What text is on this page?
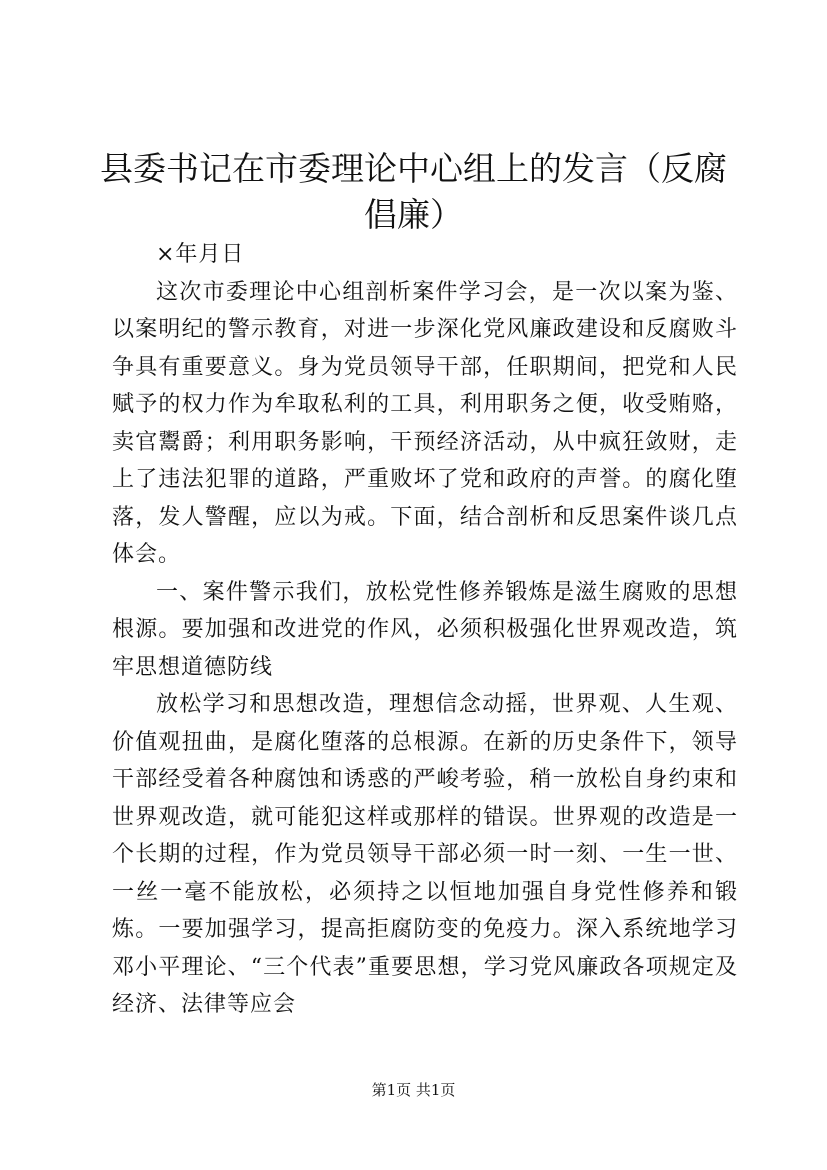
县委书记在市委理论中心组上的发言（反腐倡廉）

×年月日

这次市委理论中心组剖析案件学习会，是一次以案为鉴、以案明纪的警示教育，对进一步深化党风廉政建设和反腐败斗争具有重要意义。身为党员领导干部，任职期间，把党和人民赋予的权力作为牟取私利的工具，利用职务之便，收受贿赂，卖官鬻爵；利用职务影响，干预经济活动，从中疯狂敛财，走上了违法犯罪的道路，严重败坏了党和政府的声誉。的腐化堕落，发人警醒，应以为戒。下面，结合剖析和反思案件谈几点体会。

一、案件警示我们，放松党性修养锻炼是滋生腐败的思想根源。要加强和改进党的作风，必须积极强化世界观改造，筑牢思想道德防线

放松学习和思想改造，理想信念动摇，世界观、人生观、价值观扭曲，是腐化堕落的总根源。在新的历史条件下，领导干部经受着各种腐蚀和诱惑的严峻考验，稍一放松自身约束和世界观改造，就可能犯这样或那样的错误。世界观的改造是一个长期的过程，作为党员领导干部必须一时一刻、一生一世、一丝一毫不能放松，必须持之以恒地加强自身党性修养和锻炼。一要加强学习，提高拒腐防变的免疫力。深入系统地学习邓小平理论、“三个代表”重要思想，学习党风廉政各项规定及经济、法律等应会

第1页 共1页
